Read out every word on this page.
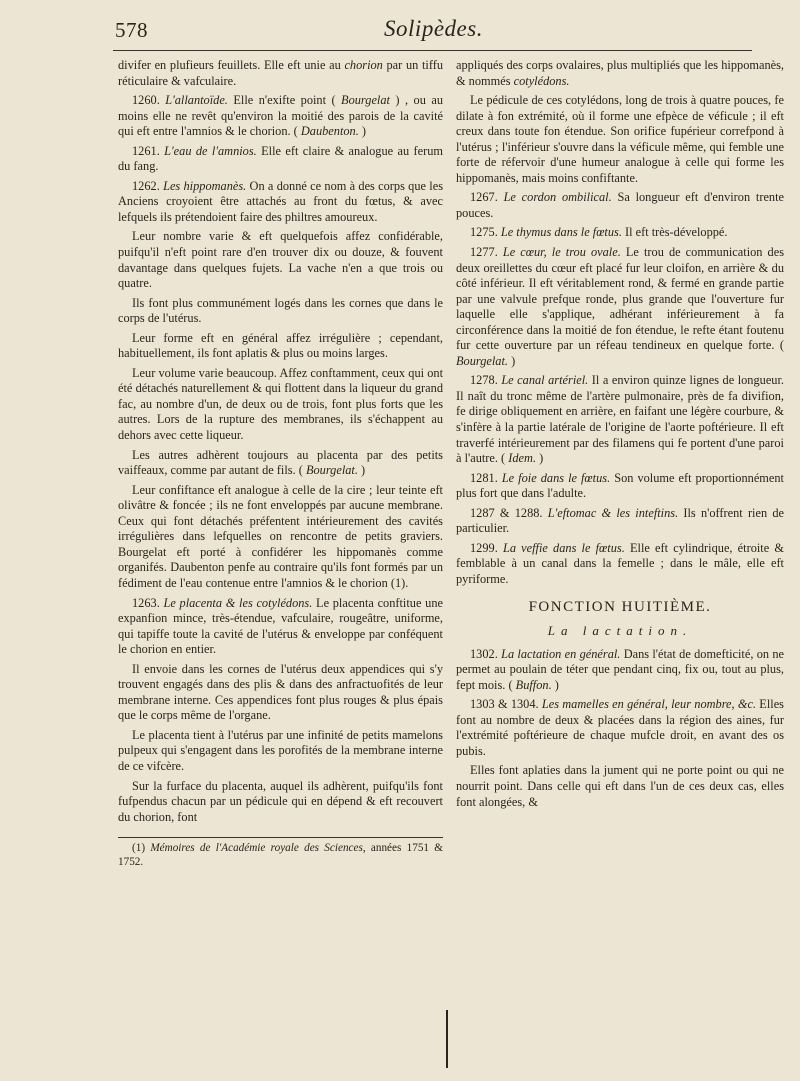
578	Solipèdes.

divifer en plufieurs feuillets. Elle eft unie au chorion par un tiffu réticulaire & vafculaire.

1260. L'allantoïde. Elle n'exifte point ( Bourgelat ) , ou au moins elle ne revêt qu'environ la moitié des parois de la cavité qui eft entre l'amnios & le chorion. ( Daubenton. )

1261. L'eau de l'amnios. Elle eft claire & analogue au ferum du fang.

1262. Les hippomanès. On a donné ce nom à des corps que les Anciens croyoient être attachés au front du fœtus, & avec lefquels ils prétendoient faire des philtres amoureux.

Leur nombre varie & eft quelquefois affez confidérable, puifqu'il n'eft point rare d'en trouver dix ou douze, & fouvent davantage dans quelques fujets. La vache n'en a que trois ou quatre.

Ils font plus communément logés dans les cornes que dans le corps de l'utérus.

Leur forme eft en général affez irrégulière ; cependant, habituellement, ils font aplatis & plus ou moins larges.

Leur volume varie beaucoup. Affez conftamment, ceux qui ont été détachés naturellement & qui flottent dans la liqueur du grand fac, au nombre d'un, de deux ou de trois, font plus forts que les autres. Lors de la rupture des membranes, ils s'échappent au dehors avec cette liqueur.

Les autres adhèrent toujours au placenta par des petits vaiffeaux, comme par autant de fils. ( Bourgelat. )

Leur confiftance eft analogue à celle de la cire ; leur teinte eft olivâtre & foncée ; ils ne font enveloppés par aucune membrane. Ceux qui font détachés préfentent intérieurement des cavités irrégulières dans lefquelles on rencontre de petits graviers. Bourgelat eft porté à confidérer les hippomanès comme organifés. Daubenton penfe au contraire qu'ils font formés par un fédiment de l'eau contenue entre l'amnios & le chorion (1).

1263. Le placenta & les cotylédons. Le placenta conftitue une expanfion mince, très-étendue, vafculaire, rougeâtre, uniforme, qui tapiffe toute la cavité de l'utérus & enveloppe par conféquent le chorion en entier.

Il envoie dans les cornes de l'utérus deux appendices qui s'y trouvent engagés dans des plis & dans des anfractuofités de leur membrane interne. Ces appendices font plus rouges & plus épais que le corps même de l'organe.

Le placenta tient à l'utérus par une infinité de petits mamelons pulpeux qui s'engagent dans les porofités de la membrane interne de ce vifcère.

Sur la furface du placenta, auquel ils adhèrent, puifqu'ils font fufpendus chacun par un pédicule qui en dépend & eft recouvert du chorion, font

(1) Mémoires de l'Académie royale des Sciences, années 1751 & 1752.

appliqués des corps ovalaires, plus multipliés que les hippomanès, & nommés cotylédons.

Le pédicule de ces cotylédons, long de trois à quatre pouces, fe dilate à fon extrémité, où il forme une efpèce de véficule ; il eft creux dans toute fon étendue. Son orifice fupérieur correfpond à l'utérus ; l'inférieur s'ouvre dans la véficule même, qui femble une forte de réfervoir d'une humeur analogue à celle qui forme les hippomanès, mais moins confiftante.

1267. Le cordon ombilical. Sa longueur eft d'environ trente pouces.

1275. Le thymus dans le fœtus. Il eft très-développé.

1277. Le cœur, le trou ovale. Le trou de communication des deux oreillettes du cœur eft placé fur leur cloifon, en arrière & du côté inférieur. Il eft véritablement rond, & fermé en grande partie par une valvule prefque ronde, plus grande que l'ouverture fur laquelle elle s'applique, adhérant inférieurement à fa circonférence dans la moitié de fon étendue, le refte étant foutenu fur cette ouverture par un réfeau tendineux en quelque forte. ( Bourgelat. )

1278. Le canal artériel. Il a environ quinze lignes de longueur. Il naît du tronc même de l'artère pulmonaire, près de fa divifion, fe dirige obliquement en arrière, en faifant une légère courbure, & s'infère à la partie latérale de l'origine de l'aorte poftérieure. Il eft traverfé intérieurement par des filamens qui fe portent d'une paroi à l'autre. ( Idem. )

1281. Le foie dans le fœtus. Son volume eft proportionnément plus fort que dans l'adulte.

1287 & 1288. L'eftomac & les inteftins. Ils n'offrent rien de particulier.

1299. La veffie dans le fœtus. Elle eft cylindrique, étroite & femblable à un canal dans la femelle ; dans le mâle, elle eft pyriforme.

FONCTION HUITIÈME.
La lactation.

1302. La lactation en général. Dans l'état de domefticité, on ne permet au poulain de téter que pendant cinq, fix ou, tout au plus, fept mois. ( Buffon. )

1303 & 1304. Les mamelles en général, leur nombre, &c. Elles font au nombre de deux & placées dans la région des aines, fur l'extrémité poftérieure de chaque mufcle droit, en avant des os pubis.

Elles font aplaties dans la jument qui ne porte point ou qui ne nourrit point. Dans celle qui eft dans l'un de ces deux cas, elles font alongées, &
